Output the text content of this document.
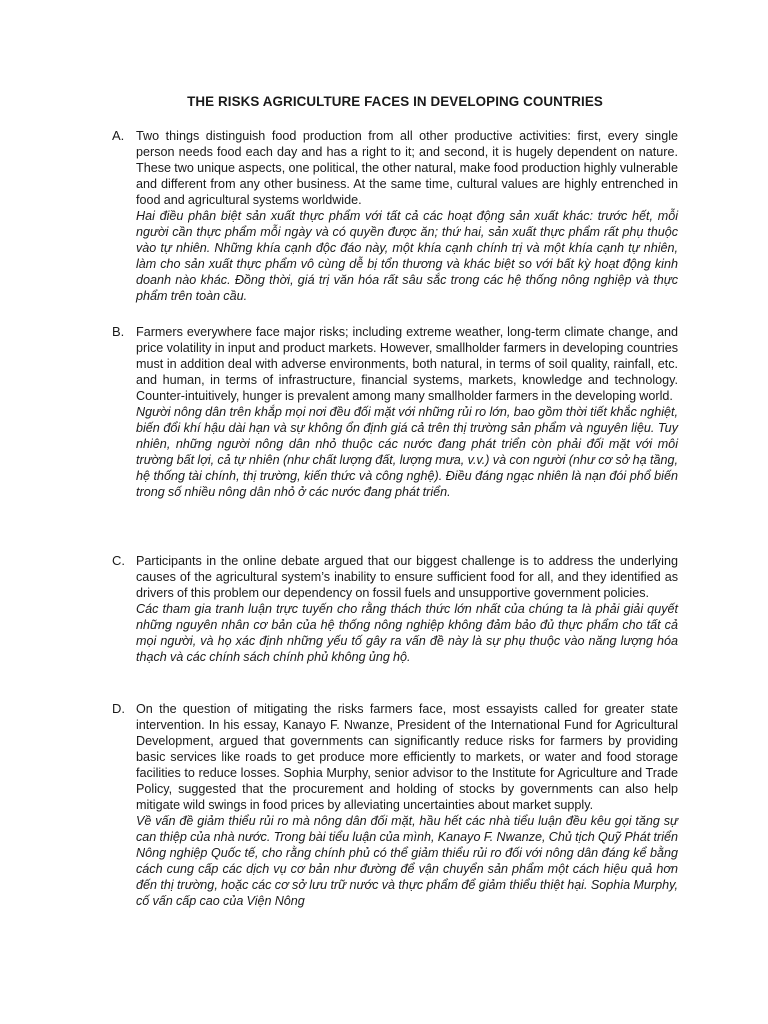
THE RISKS AGRICULTURE FACES IN DEVELOPING COUNTRIES
A. Two things distinguish food production from all other productive activities: first, every single person needs food each day and has a right to it; and second, it is hugely dependent on nature. These two unique aspects, one political, the other natural, make food production highly vulnerable and different from any other business. At the same time, cultural values are highly entrenched in food and agricultural systems worldwide.

Hai điều phân biệt sản xuất thực phẩm với tất cả các hoạt động sản xuất khác: trước hết, mỗi người cần thực phẩm mỗi ngày và có quyền được ăn; thứ hai, sản xuất thực phẩm rất phụ thuộc vào tự nhiên. Những khía cạnh độc đáo này, một khía cạnh chính trị và một khía cạnh tự nhiên, làm cho sản xuất thực phẩm vô cùng dễ bị tổn thương và khác biệt so với bất kỳ hoạt động kinh doanh nào khác. Đồng thời, giá trị văn hóa rất sâu sắc trong các hệ thống nông nghiệp và thực phẩm trên toàn cầu.

B. Farmers everywhere face major risks; including extreme weather, long-term climate change, and price volatility in input and product markets. However, smallholder farmers in developing countries must in addition deal with adverse environments, both natural, in terms of soil quality, rainfall, etc. and human, in terms of infrastructure, financial systems, markets, knowledge and technology. Counter-intuitively, hunger is prevalent among many smallholder farmers in the developing world.

Người nông dân trên khắp mọi nơi đều đối mặt với những rủi ro lớn, bao gồm thời tiết khắc nghiệt, biến đổi khí hậu dài hạn và sự không ổn định giá cả trên thị trường sản phẩm và nguyên liệu. Tuy nhiên, những người nông dân nhỏ thuộc các nước đang phát triển còn phải đối mặt với môi trường bất lợi, cả tự nhiên (như chất lượng đất, lượng mưa, v.v.) và con người (như cơ sở hạ tầng, hệ thống tài chính, thị trường, kiến thức và công nghệ). Điều đáng ngạc nhiên là nạn đói phổ biến trong số nhiều nông dân nhỏ ở các nước đang phát triển.

C. Participants in the online debate argued that our biggest challenge is to address the underlying causes of the agricultural system’s inability to ensure sufficient food for all, and they identified as drivers of this problem our dependency on fossil fuels and unsupportive government policies.

Các tham gia tranh luận trực tuyến cho rằng thách thức lớn nhất của chúng ta là phải giải quyết những nguyên nhân cơ bản của hệ thống nông nghiệp không đảm bảo đủ thực phẩm cho tất cả mọi người, và họ xác định những yếu tố gây ra vấn đề này là sự phụ thuộc vào năng lượng hóa thạch và các chính sách chính phủ không ủng hộ.

D. On the question of mitigating the risks farmers face, most essayists called for greater state intervention. In his essay, Kanayo F. Nwanze, President of the International Fund for Agricultural Development, argued that governments can significantly reduce risks for farmers by providing basic services like roads to get produce more efficiently to markets, or water and food storage facilities to reduce losses. Sophia Murphy, senior advisor to the Institute for Agriculture and Trade Policy, suggested that the procurement and holding of stocks by governments can also help mitigate wild swings in food prices by alleviating uncertainties about market supply.

Về vấn đề giảm thiểu rủi ro mà nông dân đối mặt, hầu hết các nhà tiểu luận đều kêu gọi tăng sự can thiệp của nhà nước. Trong bài tiểu luận của mình, Kanayo F. Nwanze, Chủ tịch Quỹ Phát triển Nông nghiệp Quốc tế, cho rằng chính phủ có thể giảm thiểu rủi ro đối với nông dân đáng kể bằng cách cung cấp các dịch vụ cơ bản như đường để vận chuyển sản phẩm một cách hiệu quả hơn đến thị trường, hoặc các cơ sở lưu trữ nước và thực phẩm để giảm thiểu thiệt hại. Sophia Murphy, cố vấn cấp cao của Viện Nông
